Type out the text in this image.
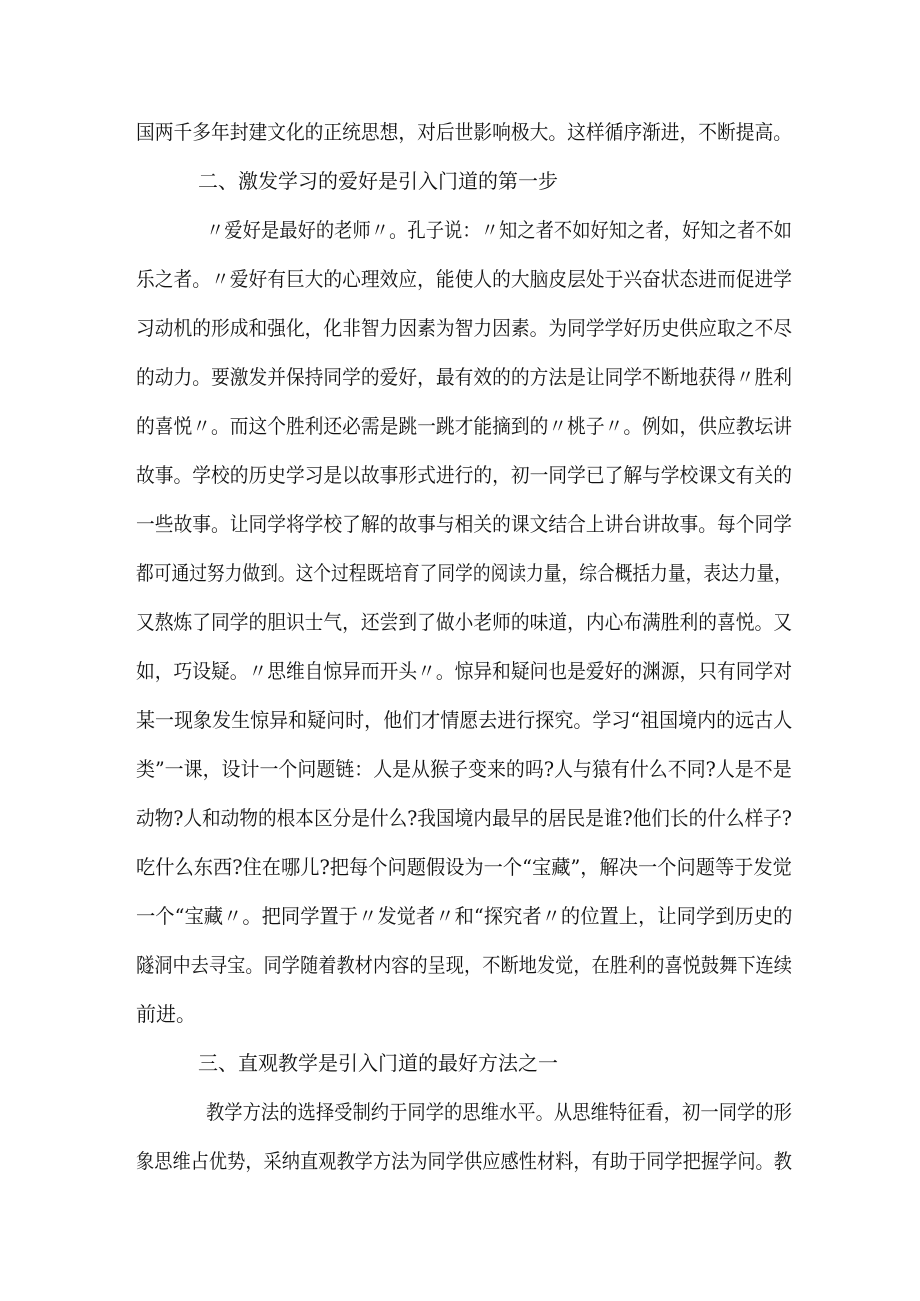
国两千多年封建文化的正统思想，对后世影响极大。这样循序渐进，不断提高。
二、激发学习的爱好是引入门道的第一步
〃爱好是最好的老师〃。孔子说：〃知之者不如好知之者，好知之者不如
乐之者。〃爱好有巨大的心理效应，能使人的大脑皮层处于兴奋状态进而促进学
习动机的形成和强化，化非智力因素为智力因素。为同学学好历史供应取之不尽
的动力。要激发并保持同学的爱好，最有效的的方法是让同学不断地获得〃胜利
的喜悦〃。而这个胜利还必需是跳一跳才能摘到的〃桃子〃。例如，供应教坛讲
故事。学校的历史学习是以故事形式进行的，初一同学已了解与学校课文有关的
一些故事。让同学将学校了解的故事与相关的课文结合上讲台讲故事。每个同学
都可通过努力做到。这个过程既培育了同学的阅读力量，综合概括力量，表达力量，
又熬炼了同学的胆识士气，还尝到了做小老师的味道，内心布满胜利的喜悦。又
如，巧设疑。〃思维自惊异而开头〃。惊异和疑问也是爱好的渊源，只有同学对
某一现象发生惊异和疑问时，他们才情愿去进行探究。学习“祖国境内的远古人
类”一课，设计一个问题链：人是从猴子变来的吗?人与猿有什么不同?人是不是
动物?人和动物的根本区分是什么?我国境内最早的居民是谁?他们长的什么样子?
吃什么东西?住在哪儿?把每个问题假设为一个“宝藏”，解决一个问题等于发觉
一个“宝藏〃。把同学置于〃发觉者〃和“探究者〃的位置上，让同学到历史的
隧洞中去寻宝。同学随着教材内容的呈现，不断地发觉，在胜利的喜悦鼓舞下连续
前进。
三、直观教学是引入门道的最好方法之一
教学方法的选择受制约于同学的思维水平。从思维特征看，初一同学的形
象思维占优势，采纳直观教学方法为同学供应感性材料，有助于同学把握学问。教
